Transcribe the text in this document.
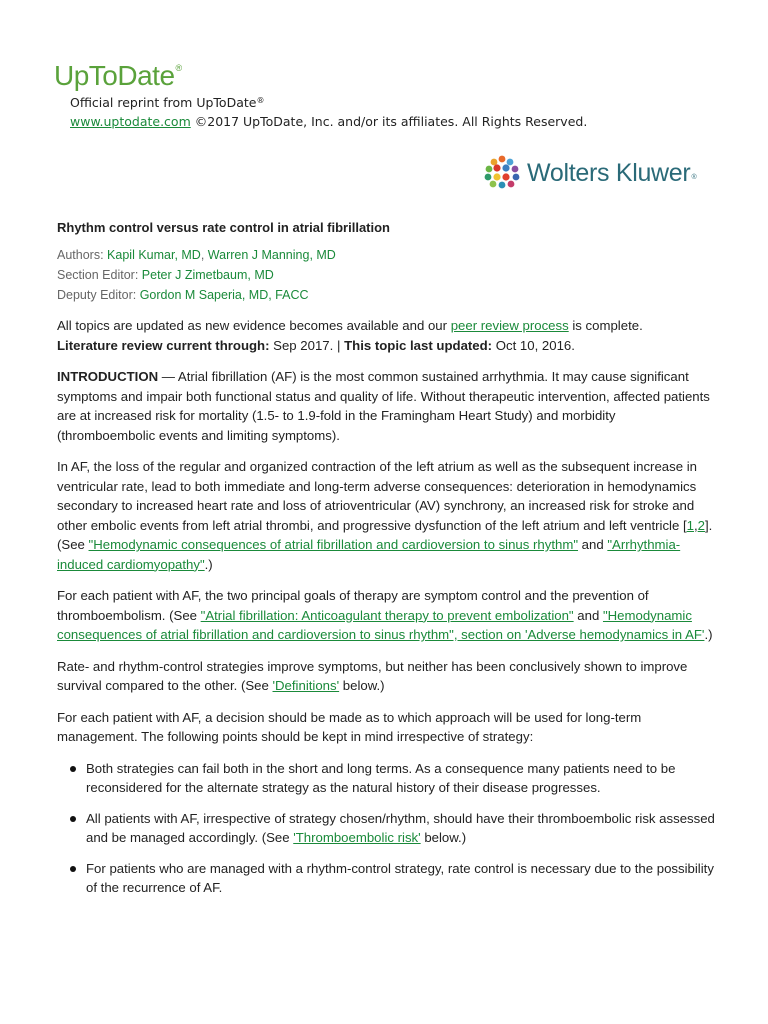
UpToDate®
Official reprint from UpToDate®
www.uptodate.com ©2017 UpToDate, Inc. and/or its affiliates. All Rights Reserved.
Wolters Kluwer ®
Rhythm control versus rate control in atrial fibrillation
Authors: Kapil Kumar, MD, Warren J Manning, MD
Section Editor: Peter J Zimetbaum, MD
Deputy Editor: Gordon M Saperia, MD, FACC

All topics are updated as new evidence becomes available and our peer review process is complete.
Literature review current through: Sep 2017. | This topic last updated: Oct 10, 2016.

INTRODUCTION — Atrial fibrillation (AF) is the most common sustained arrhythmia. It may cause significant symptoms and impair both functional status and quality of life. Without therapeutic intervention, affected patients are at increased risk for mortality (1.5- to 1.9-fold in the Framingham Heart Study) and morbidity (thromboembolic events and limiting symptoms).

In AF, the loss of the regular and organized contraction of the left atrium as well as the subsequent increase in ventricular rate, lead to both immediate and long-term adverse consequences: deterioration in hemodynamics secondary to increased heart rate and loss of atrioventricular (AV) synchrony, an increased risk for stroke and other embolic events from left atrial thrombi, and progressive dysfunction of the left atrium and left ventricle [1,2]. (See "Hemodynamic consequences of atrial fibrillation and cardioversion to sinus rhythm" and "Arrhythmia-induced cardiomyopathy".)

For each patient with AF, the two principal goals of therapy are symptom control and the prevention of thromboembolism. (See "Atrial fibrillation: Anticoagulant therapy to prevent embolization" and "Hemodynamic consequences of atrial fibrillation and cardioversion to sinus rhythm", section on 'Adverse hemodynamics in AF'.)

Rate- and rhythm-control strategies improve symptoms, but neither has been conclusively shown to improve survival compared to the other. (See 'Definitions' below.)

For each patient with AF, a decision should be made as to which approach will be used for long-term management. The following points should be kept in mind irrespective of strategy:

Both strategies can fail both in the short and long terms. As a consequence many patients need to be reconsidered for the alternate strategy as the natural history of their disease progresses.
All patients with AF, irrespective of strategy chosen/rhythm, should have their thromboembolic risk assessed and be managed accordingly. (See 'Thromboembolic risk' below.)
For patients who are managed with a rhythm-control strategy, rate control is necessary due to the possibility of the recurrence of AF.
